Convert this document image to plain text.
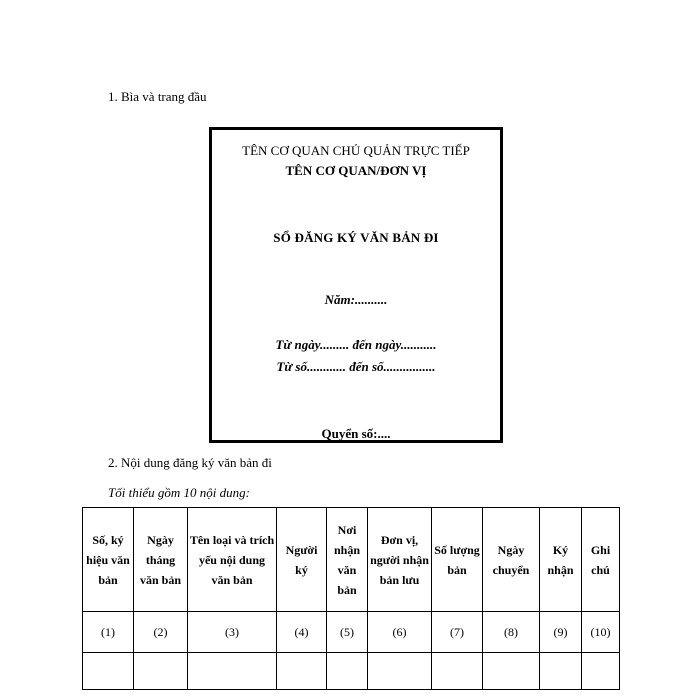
1. Bìa và trang đầu
TÊN CƠ QUAN CHỦ QUẢN TRỰC TIẾP
TÊN CƠ QUAN/ĐƠN VỊ
SỔ ĐĂNG KÝ VĂN BẢN ĐI
Năm:..........
Từ ngày......... đến ngày...........
Từ số............ đến số................
Quyển số:....
2. Nội dung đăng ký văn bản đi
Tối thiểu gồm 10 nội dung:
Số, ký hiệu văn bản	Ngày tháng văn bản	Tên loại và trích yếu nội dung văn bản	Người ký	Nơi nhận văn bản	Đơn vị, người nhận bản lưu	Số lượng bản	Ngày chuyển	Ký nhận	Ghi chú
(1)	(2)	(3)	(4)	(5)	(6)	(7)	(8)	(9)	(10)
